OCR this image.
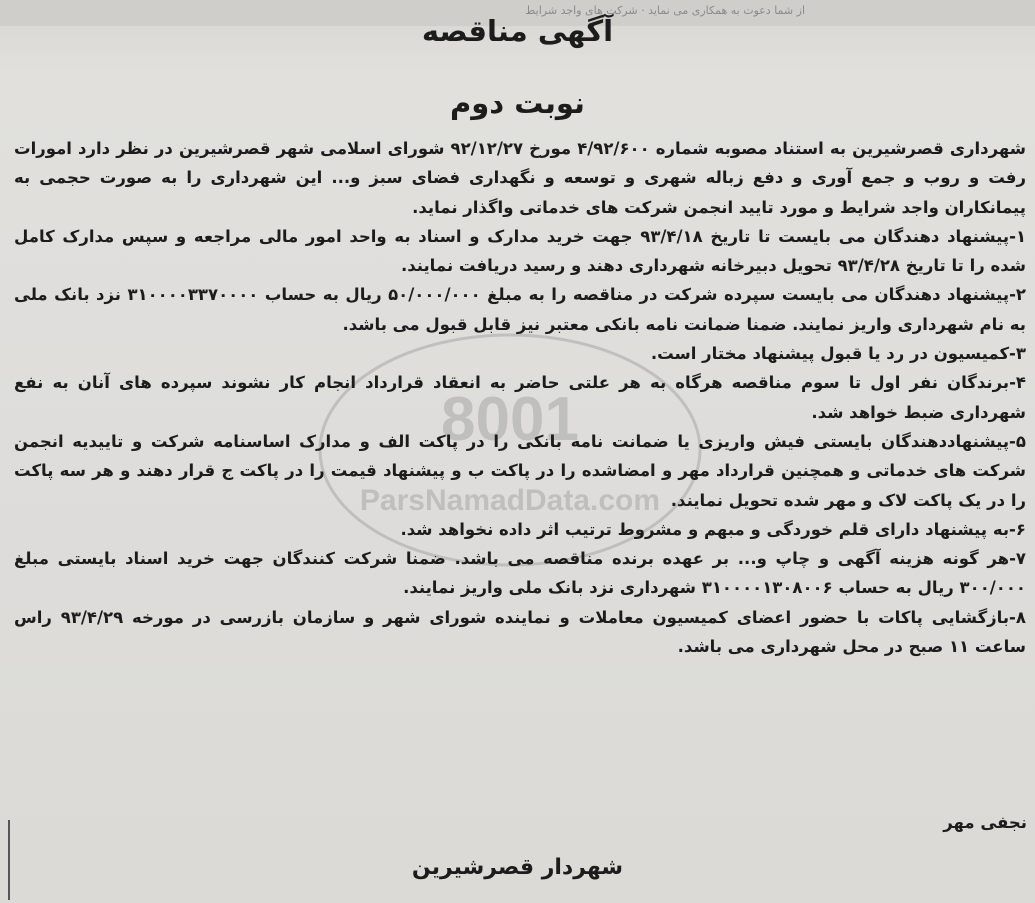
از شما دعوت به همکاری می نماید · شرکت های واجد شرایط
8001
ParsNamadData.com
آگهی مناقصه
نوبت دوم

شهرداری قصرشیرین به استناد مصوبه شماره ۴/۹۲/۶۰۰ مورخ ۹۲/۱۲/۲۷ شورای اسلامی شهر قصرشیرین در نظر دارد امورات رفت و روب و جمع آوری و دفع زباله شهری و توسعه و نگهداری فضای سبز و... این شهرداری را به صورت حجمی به پیمانکاران واجد شرایط و مورد تایید انجمن شرکت های خدماتی واگذار نماید.

۱-پیشنهاد دهندگان می بایست تا تاریخ ۹۳/۴/۱۸ جهت خرید مدارک و اسناد به واحد امور مالی مراجعه و سپس مدارک کامل شده را تا تاریخ ۹۳/۴/۲۸ تحویل دبیرخانه شهرداری دهند و رسید دریافت نمایند.

۲-پیشنهاد دهندگان می بایست سپرده شرکت در مناقصه را به مبلغ ۵۰/۰۰۰/۰۰۰ ریال به حساب ۳۱۰۰۰۰۳۳۷۰۰۰۰ نزد بانک ملی به نام شهرداری واریز نمایند. ضمنا ضمانت نامه بانکی معتبر نیز قابل قبول می باشد.

۳-کمیسیون در رد یا قبول پیشنهاد مختار است.

۴-برندگان نفر اول تا سوم مناقصه هرگاه به هر علتی حاضر به انعقاد قرارداد انجام کار نشوند سپرده های آنان به نفع شهرداری ضبط خواهد شد.

۵-پیشنهاددهندگان بایستی فیش واریزی یا ضمانت نامه بانکی را در پاکت الف و مدارک اساسنامه شرکت و تاییدیه انجمن شرکت های خدماتی و همچنین قرارداد مهر و امضاشده را در پاکت ب و پیشنهاد قیمت را در پاکت ج قرار دهند و هر سه پاکت را در یک پاکت لاک و مهر شده تحویل نمایند.

۶-به پیشنهاد دارای قلم خوردگی و مبهم و مشروط ترتیب اثر داده نخواهد شد.

۷-هر گونه هزینه آگهی و چاپ و... بر عهده برنده مناقصه می باشد. ضمنا شرکت کنندگان جهت خرید اسناد بایستی مبلغ ۳۰۰/۰۰۰ ریال به حساب ۳۱۰۰۰۰۱۳۰۸۰۰۶ شهرداری نزد بانک ملی واریز نمایند.

۸-بازگشایی پاکات با حضور اعضای کمیسیون معاملات و نماینده شورای شهر و سازمان بازرسی در مورخه ۹۳/۴/۲۹ راس ساعت ۱۱ صبح در محل شهرداری می باشد.

نجفی مهر
شهردار قصرشیرین
